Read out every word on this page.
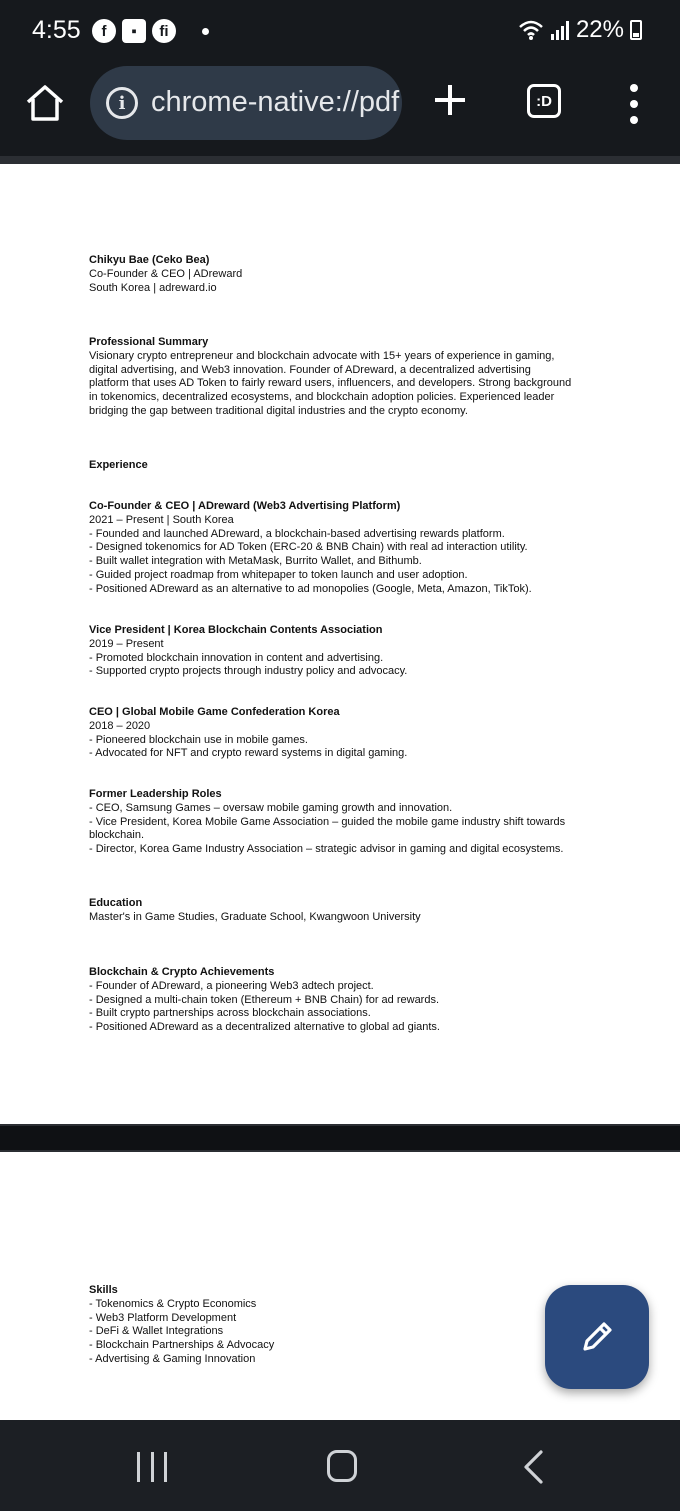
4:55	f	▪	fi	22%
i chrome-native://pdf	:D

Chikyu Bae (Ceko Bea)

Co-Founder & CEO | ADreward

South Korea | adreward.io

Professional Summary

Visionary crypto entrepreneur and blockchain advocate with 15+ years of experience in gaming,

digital advertising, and Web3 innovation. Founder of ADreward, a decentralized advertising

platform that uses AD Token to fairly reward users, influencers, and developers. Strong background

in tokenomics, decentralized ecosystems, and blockchain adoption policies. Experienced leader

bridging the gap between traditional digital industries and the crypto economy.

Experience

Co-Founder & CEO | ADreward (Web3 Advertising Platform)

2021 – Present | South Korea

- Founded and launched ADreward, a blockchain-based advertising rewards platform.

- Designed tokenomics for AD Token (ERC-20 & BNB Chain) with real ad interaction utility.

- Built wallet integration with MetaMask, Burrito Wallet, and Bithumb.

- Guided project roadmap from whitepaper to token launch and user adoption.

- Positioned ADreward as an alternative to ad monopolies (Google, Meta, Amazon, TikTok).

Vice President | Korea Blockchain Contents Association

2019 – Present

- Promoted blockchain innovation in content and advertising.

- Supported crypto projects through industry policy and advocacy.

CEO | Global Mobile Game Confederation Korea

2018 – 2020

- Pioneered blockchain use in mobile games.

- Advocated for NFT and crypto reward systems in digital gaming.

Former Leadership Roles

- CEO, Samsung Games – oversaw mobile gaming growth and innovation.

- Vice President, Korea Mobile Game Association – guided the mobile game industry shift towards

blockchain.

- Director, Korea Game Industry Association – strategic advisor in gaming and digital ecosystems.

Education

Master's in Game Studies, Graduate School, Kwangwoon University

Blockchain & Crypto Achievements

- Founder of ADreward, a pioneering Web3 adtech project.

- Designed a multi-chain token (Ethereum + BNB Chain) for ad rewards.

- Built crypto partnerships across blockchain associations.

- Positioned ADreward as a decentralized alternative to global ad giants.

Skills

- Tokenomics & Crypto Economics

- Web3 Platform Development

- DeFi & Wallet Integrations

- Blockchain Partnerships & Advocacy

- Advertising & Gaming Innovation
